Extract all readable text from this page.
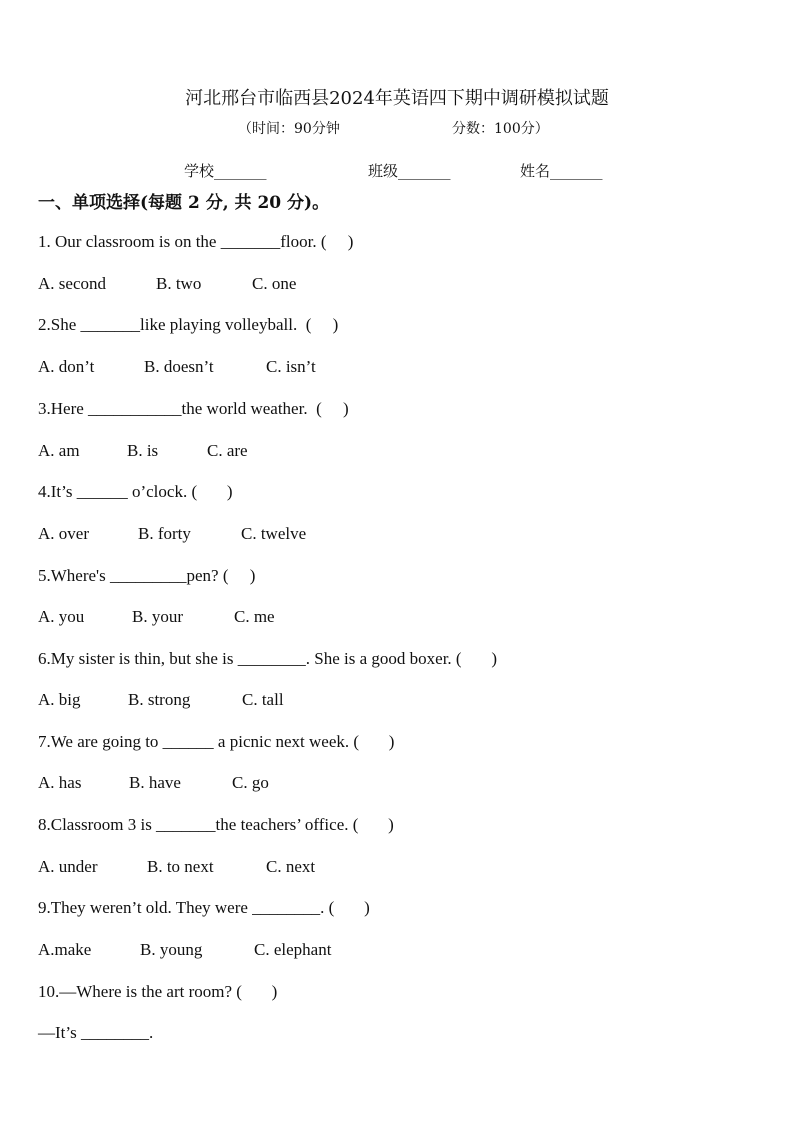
河北邢台市临西县2024年英语四下期中调研模拟试题
（时间：90分钟	分数：100分）
学校_______	班级_______	姓名_______
一、单项选择(每题 2 分, 共 20 分)。
1. Our classroom is on the _______floor. (     )
A. second	B. two	C. one
2.She _______like playing volleyball.  (     )
A. don’t	B. doesn’t	C. isn’t
3.Here ___________the world weather.  (     )
A. am	B. is	C. are
4.It’s ______ o’clock. (       )
A. over	B. forty	C. twelve
5.Where's _________pen? (     )
A. you	B. your	C. me
6.My sister is thin, but she is ________. She is a good boxer. (       )
A. big	B. strong	C. tall
7.We are going to ______ a picnic next week. (       )
A. has	B. have	C. go
8.Classroom 3 is _______the teachers’ office. (       )
A. under	B. to next	C. next
9.They weren’t old. They were ________. (       )
A.make	B. young	C. elephant
10.—Where is the art room? (       )
—It’s ________.
